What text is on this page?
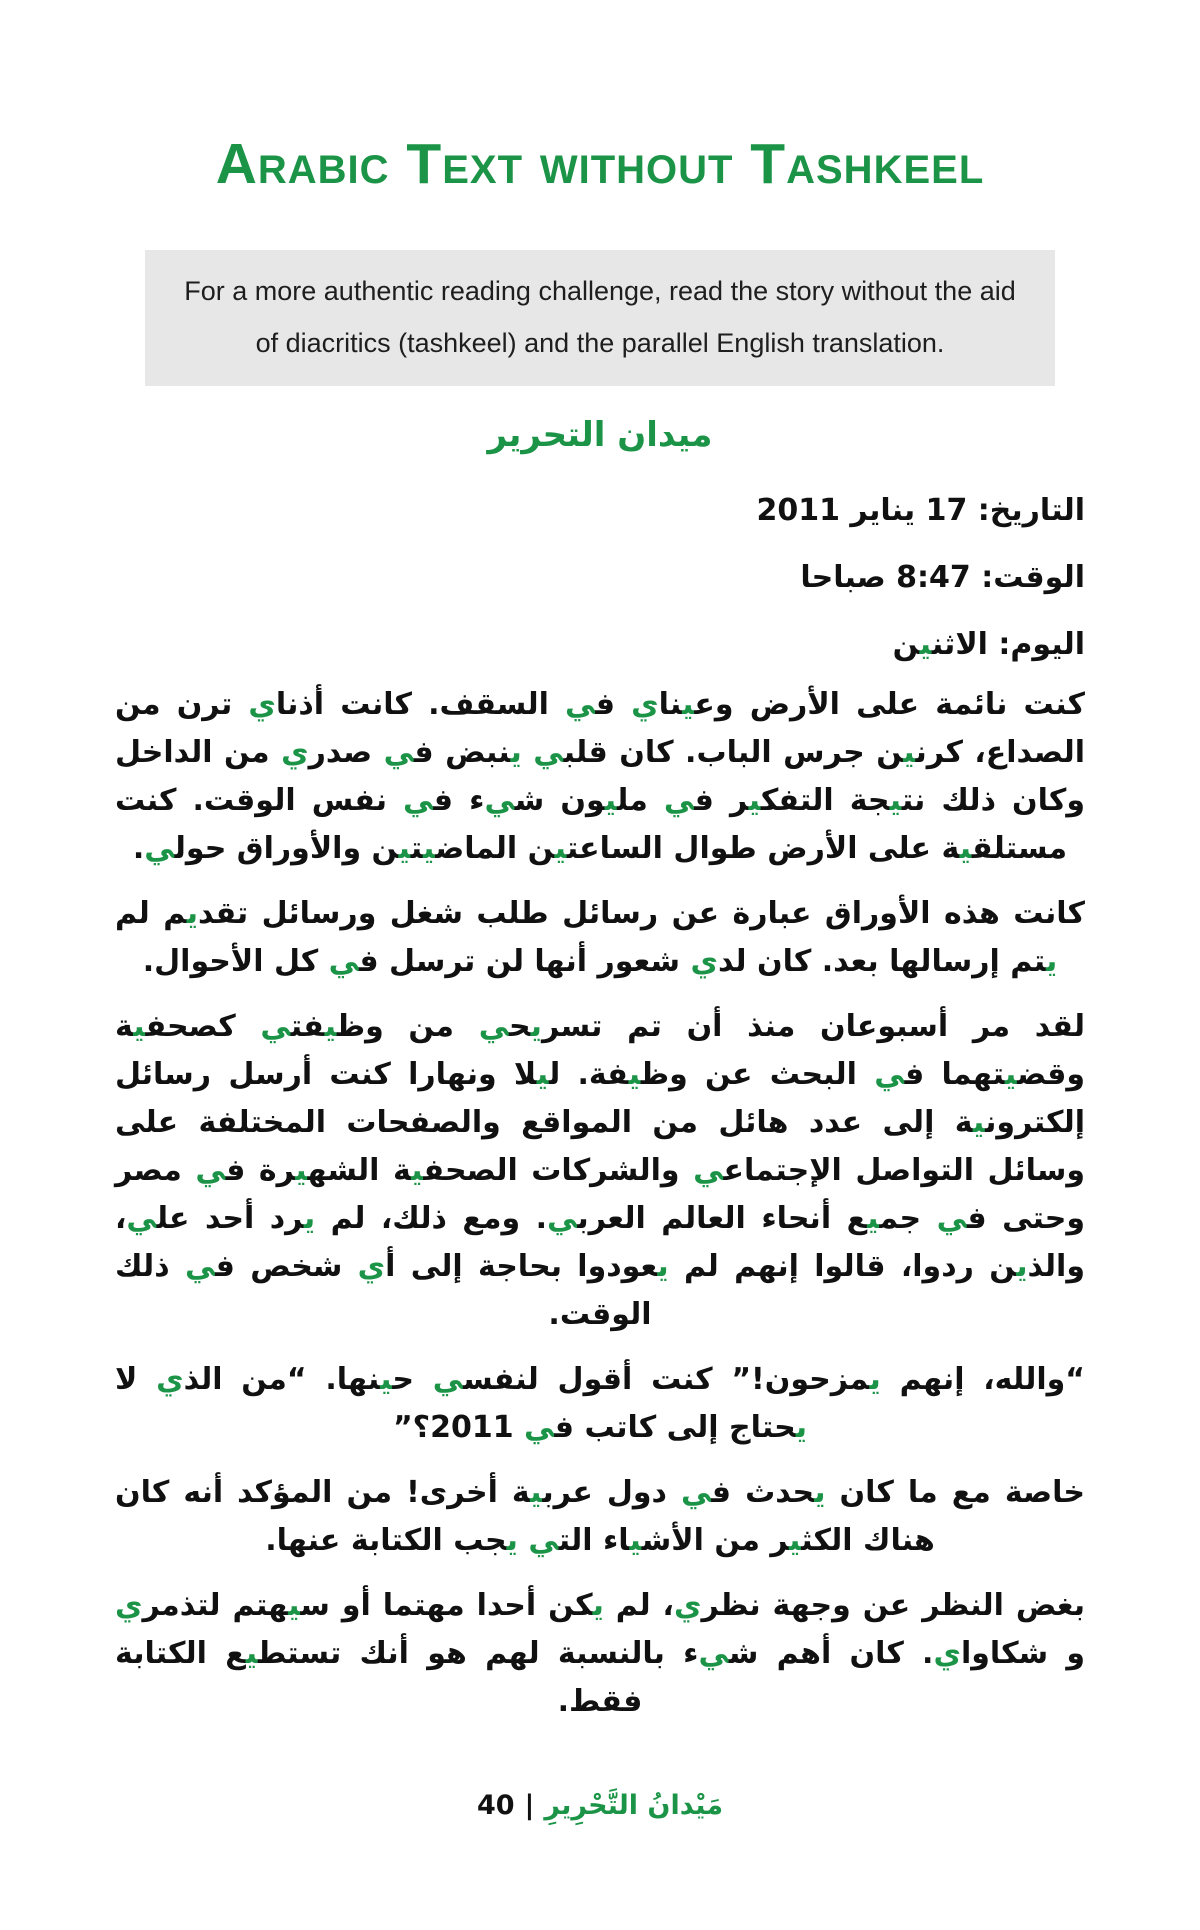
Arabic Text without Tashkeel
For a more authentic reading challenge, read the story without the aid of diacritics (tashkeel) and the parallel English translation.
ميدان التحرير
التاريخ: 17 يناير 2011
الوقت: 8:47 صباحا
اليوم: الاثنين

كنت نائمة على الأرض وعيناي في السقف. كانت أذناي ترن من الصداع، كرنين جرس الباب. كان قلبي ينبض في صدري من الداخل وكان ذلك نتيجة التفكير في مليون شيء في نفس الوقت. كنت مستلقية على الأرض طوال الساعتين الماضيتين والأوراق حولي.

كانت هذه الأوراق عبارة عن رسائل طلب شغل ورسائل تقديم لم يتم إرسالها بعد. كان لدي شعور أنها لن ترسل في كل الأحوال.

لقد مر أسبوعان منذ أن تم تسريحي من وظيفتي كصحفية وقضيتهما في البحث عن وظيفة. ليلا ونهارا كنت أرسل رسائل إلكترونية إلى عدد هائل من المواقع والصفحات المختلفة على وسائل التواصل الإجتماعي والشركات الصحفية الشهيرة في مصر وحتى في جميع أنحاء العالم العربي. ومع ذلك، لم يرد أحد علي، والذين ردوا، قالوا إنهم لم يعودوا بحاجة إلى أي شخص في ذلك الوقت.

“والله، إنهم يمزحون!” كنت أقول لنفسي حينها. “من الذي لا يحتاج إلى كاتب في 2011؟”

خاصة مع ما كان يحدث في دول عربية أخرى! من المؤكد أنه كان هناك الكثير من الأشياء التي يجب الكتابة عنها.

بغض النظر عن وجهة نظري، لم يكن أحدا مهتما أو سيهتم لتذمري و شكاواي. كان أهم شيء بالنسبة لهم هو أنك تستطيع الكتابة فقط.

مَيْدانُ التَّحْرِيرِ|40
